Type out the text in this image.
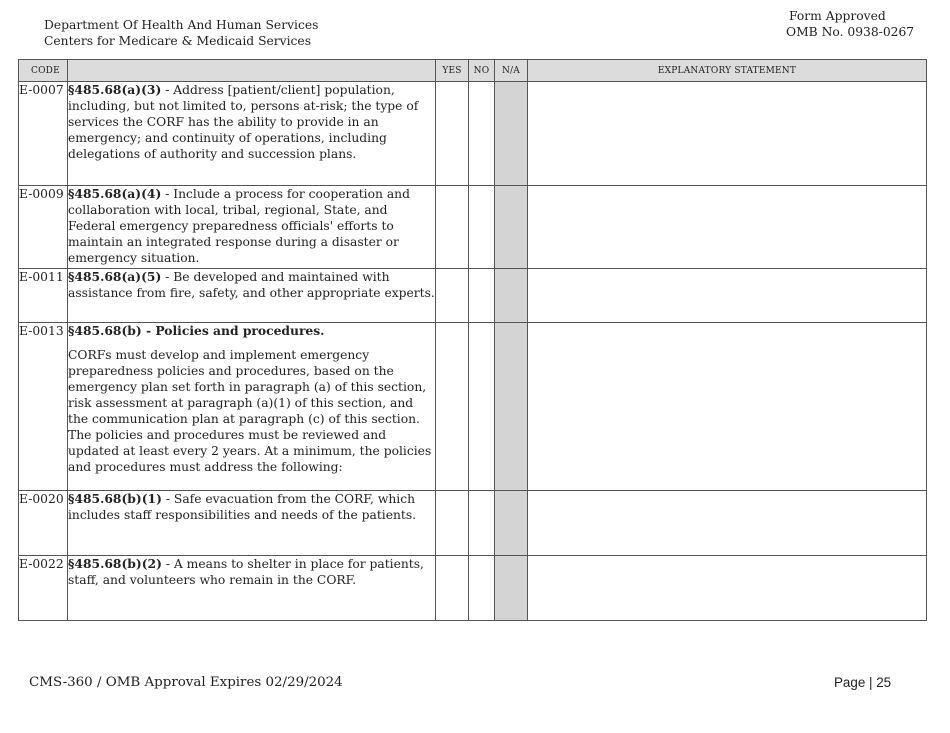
Department Of Health And Human Services
Centers for Medicare & Medicaid Services
Form Approved
OMB No. 0938-0267
CODE		YES	NO	N/A	EXPLANATORY STATEMENT
E-0007	§485.68(a)(3) - Address [patient/client] population, including, but not limited to, persons at-risk; the type of services the CORF has the ability to provide in an emergency; and continuity of operations, including delegations of authority and succession plans.				
E-0009	§485.68(a)(4) - Include a process for cooperation and collaboration with local, tribal, regional, State, and Federal emergency preparedness officials' efforts to maintain an integrated response during a disaster or emergency situation.				
E-0011	§485.68(a)(5) - Be developed and maintained with assistance from fire, safety, and other appropriate experts.				
E-0013	§485.68(b) - Policies and procedures.
CORFs must develop and implement emergency preparedness policies and procedures, based on the emergency plan set forth in paragraph (a) of this section, risk assessment at paragraph (a)(1) of this section, and the communication plan at paragraph (c) of this section. The policies and procedures must be reviewed and updated at least every 2 years. At a minimum, the policies and procedures must address the following:				

E-0020	§485.68(b)(1) - Safe evacuation from the CORF, which
includes staff responsibilities and needs of the patients.				
E-0022	§485.68(b)(2) - A means to shelter in place for patients, staff, and volunteers who remain in the CORF.				
CMS-360 / OMB Approval Expires 02/29/2024	Page | 25
